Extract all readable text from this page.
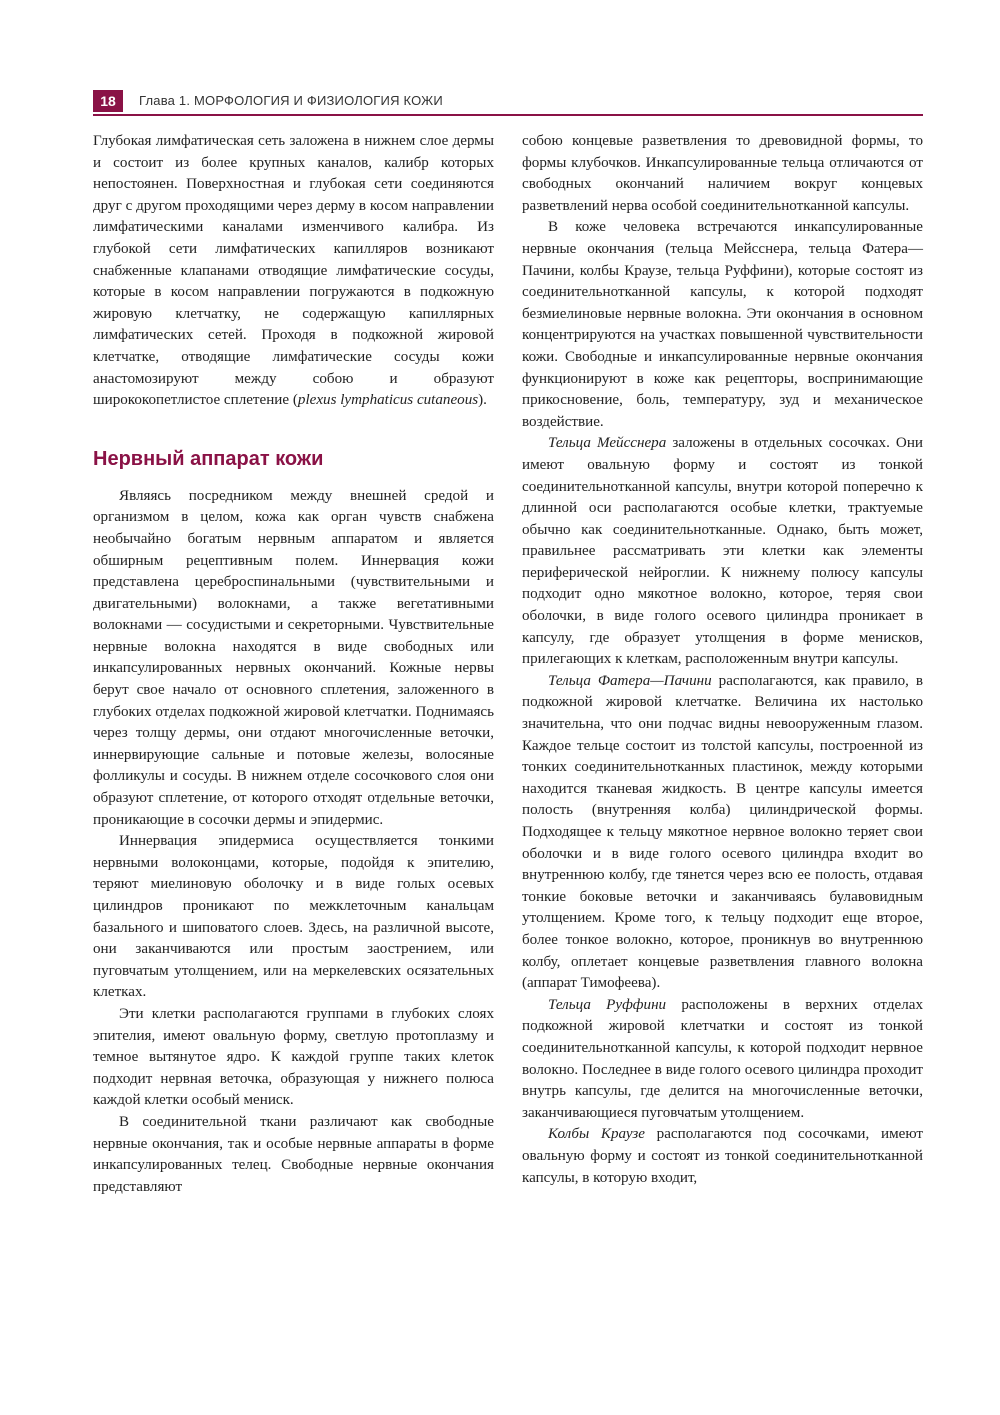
18	Глава 1. МОРФОЛОГИЯ И ФИЗИОЛОГИЯ КОЖИ

Глубокая лимфатическая сеть заложена в нижнем слое дермы и состоит из более крупных каналов, калибр которых непостоянен. Поверхностная и глубокая сети соединяются друг с другом проходящими через дерму в косом направлении лимфатическими каналами изменчивого калибра. Из глубокой сети лимфатических капилляров возникают снабженные клапанами отводящие лимфатические сосуды, которые в косом направлении погружаются в подкожную жировую клетчатку, не содержащую капиллярных лимфатических сетей. Проходя в подкожной жировой клетчатке, отводящие лимфатические сосуды кожи анастомозируют между собою и образуют ширококопетлистое сплетение (plexus lymphaticus cutaneous).

Нервный аппарат кожи

Являясь посредником между внешней средой и организмом в целом, кожа как орган чувств снабжена необычайно богатым нервным аппаратом и является обширным рецептивным полем. Иннервация кожи представлена цереброспинальными (чувствительными и двигательными) волокнами, а также вегетативными волокнами — сосудистыми и секреторными. Чувствительные нервные волокна находятся в виде свободных или инкапсулированных нервных окончаний. Кожные нервы берут свое начало от основного сплетения, заложенного в глубоких отделах подкожной жировой клетчатки. Поднимаясь через толщу дермы, они отдают многочисленные веточки, иннервирующие сальные и потовые железы, волосяные фолликулы и сосуды. В нижнем отделе сосочкового слоя они образуют сплетение, от которого отходят отдельные веточки, проникающие в сосочки дермы и эпидермис.

Иннервация эпидермиса осуществляется тонкими нервными волоконцами, которые, подойдя к эпителию, теряют миелиновую оболочку и в виде голых осевых цилиндров проникают по межклеточным канальцам базального и шиповатого слоев. Здесь, на различной высоте, они заканчиваются или простым заострением, или пуговчатым утолщением, или на меркелевских осязательных клетках.

Эти клетки располагаются группами в глубоких слоях эпителия, имеют овальную форму, светлую протоплазму и темное вытянутое ядро. К каждой группе таких клеток подходит нервная веточка, образующая у нижнего полюса каждой клетки особый мениск.

В соединительной ткани различают как свободные нервные окончания, так и особые нервные аппараты в форме инкапсулированных телец. Свободные нервные окончания представляют

собою концевые разветвления то древовидной формы, то формы клубочков. Инкапсулированные тельца отличаются от свободных окончаний наличием вокруг концевых разветвлений нерва особой соединительнотканной капсулы.

В коже человека встречаются инкапсулированные нервные окончания (тельца Мейсснера, тельца Фатера—Пачини, колбы Краузе, тельца Руффини), которые состоят из соединительнотканной капсулы, к которой подходят безмиелиновые нервные волокна. Эти окончания в основном концентрируются на участках повышенной чувствительности кожи. Свободные и инкапсулированные нервные окончания функционируют в коже как рецепторы, воспринимающие прикосновение, боль, температуру, зуд и механическое воздействие.

Тельца Мейсснера заложены в отдельных сосочках. Они имеют овальную форму и состоят из тонкой соединительнотканной капсулы, внутри которой поперечно к длинной оси располагаются особые клетки, трактуемые обычно как соединительнотканные. Однако, быть может, правильнее рассматривать эти клетки как элементы периферической нейроглии. К нижнему полюсу капсулы подходит одно мякотное волокно, которое, теряя свои оболочки, в виде голого осевого цилиндра проникает в капсулу, где образует утолщения в форме менисков, прилегающих к клеткам, расположенным внутри капсулы.

Тельца Фатера—Пачини располагаются, как правило, в подкожной жировой клетчатке. Величина их настолько значительна, что они подчас видны невооруженным глазом. Каждое тельце состоит из толстой капсулы, построенной из тонких соединительнотканных пластинок, между которыми находится тканевая жидкость. В центре капсулы имеется полость (внутренняя колба) цилиндрической формы. Подходящее к тельцу мякотное нервное волокно теряет свои оболочки и в виде голого осевого цилиндра входит во внутреннюю колбу, где тянется через всю ее полость, отдавая тонкие боковые веточки и заканчиваясь булавовидным утолщением. Кроме того, к тельцу подходит еще второе, более тонкое волокно, которое, проникнув во внутреннюю колбу, оплетает концевые разветвления главного волокна (аппарат Тимофеева).

Тельца Руффини расположены в верхних отделах подкожной жировой клетчатки и состоят из тонкой соединительнотканной капсулы, к которой подходит нервное волокно. Последнее в виде голого осевого цилиндра проходит внутрь капсулы, где делится на многочисленные веточки, заканчивающиеся пуговчатым утолщением.

Колбы Краузе располагаются под сосочками, имеют овальную форму и состоят из тонкой соединительнотканной капсулы, в которую входит,
